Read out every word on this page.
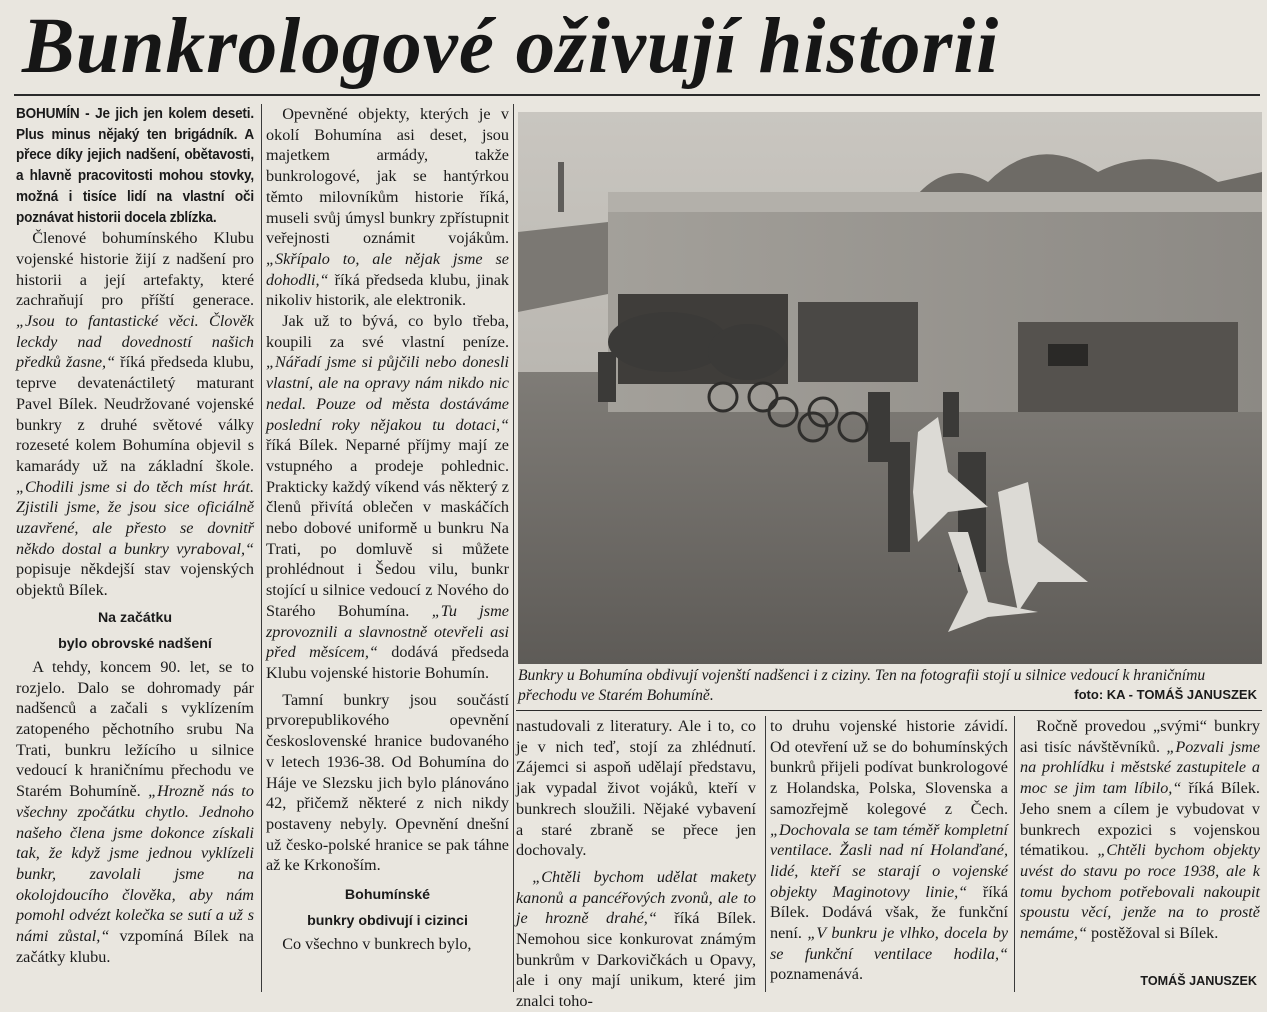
Bunkrologové oživují historii

BOHUMÍN - Je jich jen kolem deseti. Plus minus nějaký ten brigádník. A přece díky jejich nadšení, obětavosti, a hlavně pracovitosti mohou stovky, možná i tisíce lidí na vlastní oči poznávat historii docela zblízka.

Členové bohumínského Klubu vojenské historie žijí z nadšení pro historii a její artefakty, které zachraňují pro příští generace. „Jsou to fantastické věci. Člověk leckdy nad dovedností našich předků žasne,“ říká předseda klubu, teprve devatenáctiletý maturant Pavel Bílek. Neudržované vojenské bunkry z druhé světové války rozeseté kolem Bohumína objevil s kamarády už na základní škole. „Chodili jsme si do těch míst hrát. Zjistili jsme, že jsou sice oficiálně uzavřené, ale přesto se dovnitř někdo dostal a bunkry vyraboval,“ popisuje někdejší stav vojenských objektů Bílek.

Na začátku

bylo obrovské nadšení

A tehdy, koncem 90. let, se to rozjelo. Dalo se dohromady pár nadšenců a začali s vyklízením zatopeného pěchotního srubu Na Trati, bunkru ležícího u silnice vedoucí k hraničnímu přechodu ve Starém Bohumíně. „Hrozně nás to všechny zpočátku chytlo. Jednoho našeho člena jsme dokonce získali tak, že když jsme jednou vyklízeli bunkr, zavolali jsme na okolojdoucího člověka, aby nám pomohl odvézt kolečka se sutí a už s námi zůstal,“ vzpomíná Bílek na začátky klubu.

Opevněné objekty, kterých je v okolí Bohumína asi deset, jsou majetkem armády, takže bunkrologové, jak se hantýrkou těmto milovníkům historie říká, museli svůj úmysl bunkry zpřístupnit veřejnosti oznámit vojákům. „Skřípalo to, ale nějak jsme se dohodli,“ říká předseda klubu, jinak nikoliv historik, ale elektronik.

Jak už to bývá, co bylo třeba, koupili za své vlastní peníze. „Nářadí jsme si půjčili nebo donesli vlastní, ale na opravy nám nikdo nic nedal. Pouze od města dostáváme poslední roky nějakou tu dotaci,“ říká Bílek. Neparné příjmy mají ze vstupného a prodeje pohlednic. Prakticky každý víkend vás některý z členů přivítá oblečen v maskáčích nebo dobové uniformě u bunkru Na Trati, po domluvě si můžete prohlédnout i Šedou vilu, bunkr stojící u silnice vedoucí z Nového do Starého Bohumína. „Tu jsme zprovoznili a slavnostně otevřeli asi před měsícem,“ dodává předseda Klubu vojenské historie Bohumín.

Tamní bunkry jsou součástí prvorepublikového opevnění československé hranice budovaného v letech 1936-38. Od Bohumína do Háje ve Slezsku jich bylo plánováno 42, přičemž některé z nich nikdy postaveny nebyly. Opevnění dnešní už česko-polské hranice se pak táhne až ke Krkonoším.

Bohumínské

bunkry obdivují i cizinci

Co všechno v bunkrech bylo,

Bunkry u Bohumína obdivují vojenští nadšenci i z ciziny. Ten na fotografii stojí u silnice vedoucí k hraničnímu přechodu ve Starém Bohumíně.	foto: KA - TOMÁŠ JANUSZEK

nastudovali z literatury. Ale i to, co je v nich teď, stojí za zhlédnutí. Zájemci si aspoň udělají představu, jak vypadal život vojáků, kteří v bunkrech sloužili. Nějaké vybavení a staré zbraně se přece jen dochovaly.

„Chtěli bychom udělat makety kanonů a pancéřových zvonů, ale to je hrozně drahé,“ říká Bílek. Nemohou sice konkurovat známým bunkrům v Darkovičkách u Opavy, ale i ony mají unikum, které jim znalci toho-

to druhu vojenské historie závidí. Od otevření už se do bohumínských bunkrů přijeli podívat bunkrologové z Holandska, Polska, Slovenska a samozřejmě kolegové z Čech. „Dochovala se tam téměř kompletní ventilace. Žasli nad ní Holanďané, lidé, kteří se starají o vojenské objekty Maginotovy linie,“ říká Bílek. Dodává však, že funkční není. „V bunkru je vlhko, docela by se funkční ventilace hodila,“ poznamenává.

Ročně provedou „svými“ bunkry asi tisíc návštěvníků. „Pozvali jsme na prohlídku i městské zastupitele a moc se jim tam líbilo,“ říká Bílek. Jeho snem a cílem je vybudovat v bunkrech expozici s vojenskou tématikou. „Chtěli bychom objekty uvést do stavu po roce 1938, ale k tomu bychom potřebovali nakoupit spoustu věcí, jenže na to prostě nemáme,“ postěžoval si Bílek.

TOMÁŠ JANUSZEK
